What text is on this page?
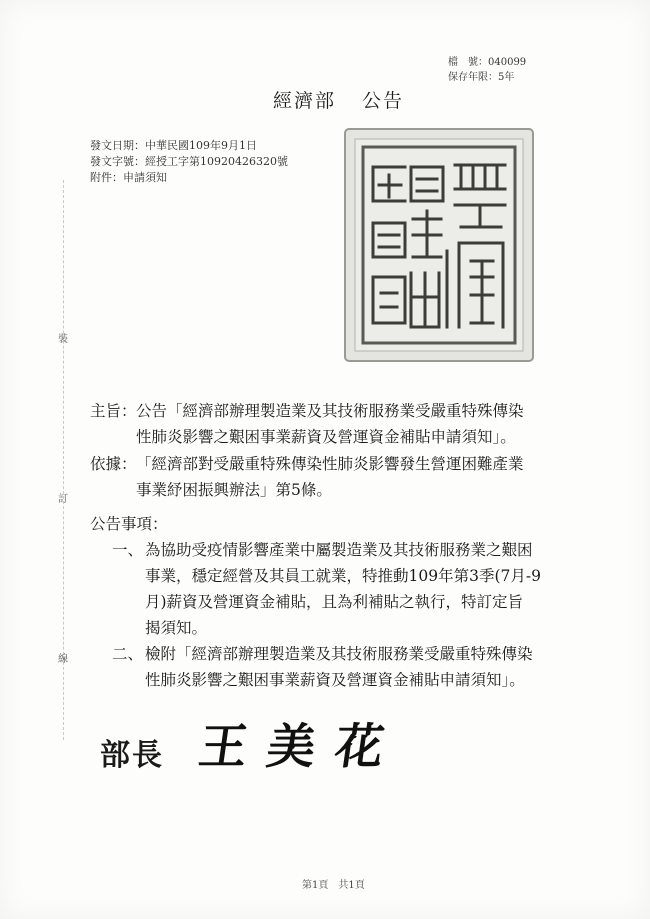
檔　號：040099
保存年限：5年
經濟部 公告
發文日期：中華民國109年9月1日
發文字號：經授工字第10920426320號
附件：申請須知
裝
訂
線
主旨： 公告「經濟部辦理製造業及其技術服務業受嚴重特殊傳染
性肺炎影響之艱困事業薪資及營運資金補貼申請須知」。
依據： 「經濟部對受嚴重特殊傳染性肺炎影響發生營運困難產業
事業紓困振興辦法」第5條。
公告事項：
一、 為協助受疫情影響產業中屬製造業及其技術服務業之艱困
事業，穩定經營及其員工就業，特推動109年第3季(7月-9
月)薪資及營運資金補貼，且為利補貼之執行，特訂定旨
揭須知。
二、 檢附「經濟部辦理製造業及其技術服務業受嚴重特殊傳染
性肺炎影響之艱困事業薪資及營運資金補貼申請須知」。
部長 王美花
第1頁　共1頁
